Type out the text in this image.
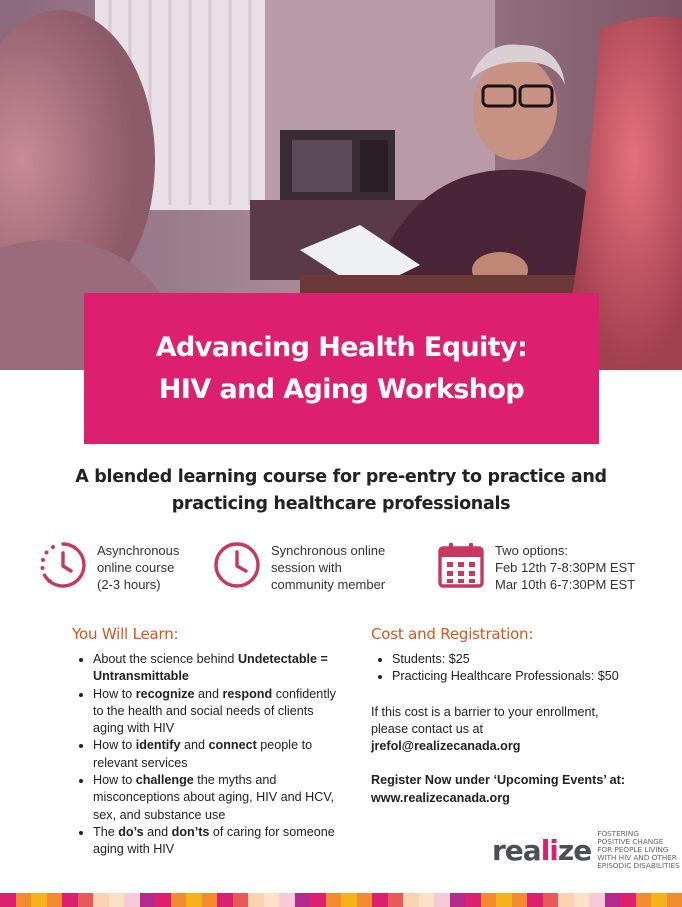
Advancing Health Equity:
HIV and Aging Workshop
A blended learning course for pre-entry to practice and
practicing healthcare professionals
Asynchronous
online course
(2-3 hours)
Synchronous online
session with
community member
Two options:
Feb 12th 7-8:30PM EST
Mar 10th 6-7:30PM EST
You Will Learn:
• About the science behind Undetectable = Untransmittable
• How to recognize and respond confidently to the health and social needs of clients aging with HIV
• How to identify and connect people to relevant services
• How to challenge the myths and misconceptions about aging, HIV and HCV, sex, and substance use
• The do’s and don’ts of caring for someone aging with HIV
Cost and Registration:
• Students: $25
• Practicing Healthcare Professionals: $50

If this cost is a barrier to your enrollment,

please contact us at

jrefol@realizecanada.org

Register Now under ‘Upcoming Events’ at:

www.realizecanada.org

realize FOSTERING
POSITIVE CHANGE
FOR PEOPLE LIVING
WITH HIV AND OTHER
EPISODIC DISABILITIES
